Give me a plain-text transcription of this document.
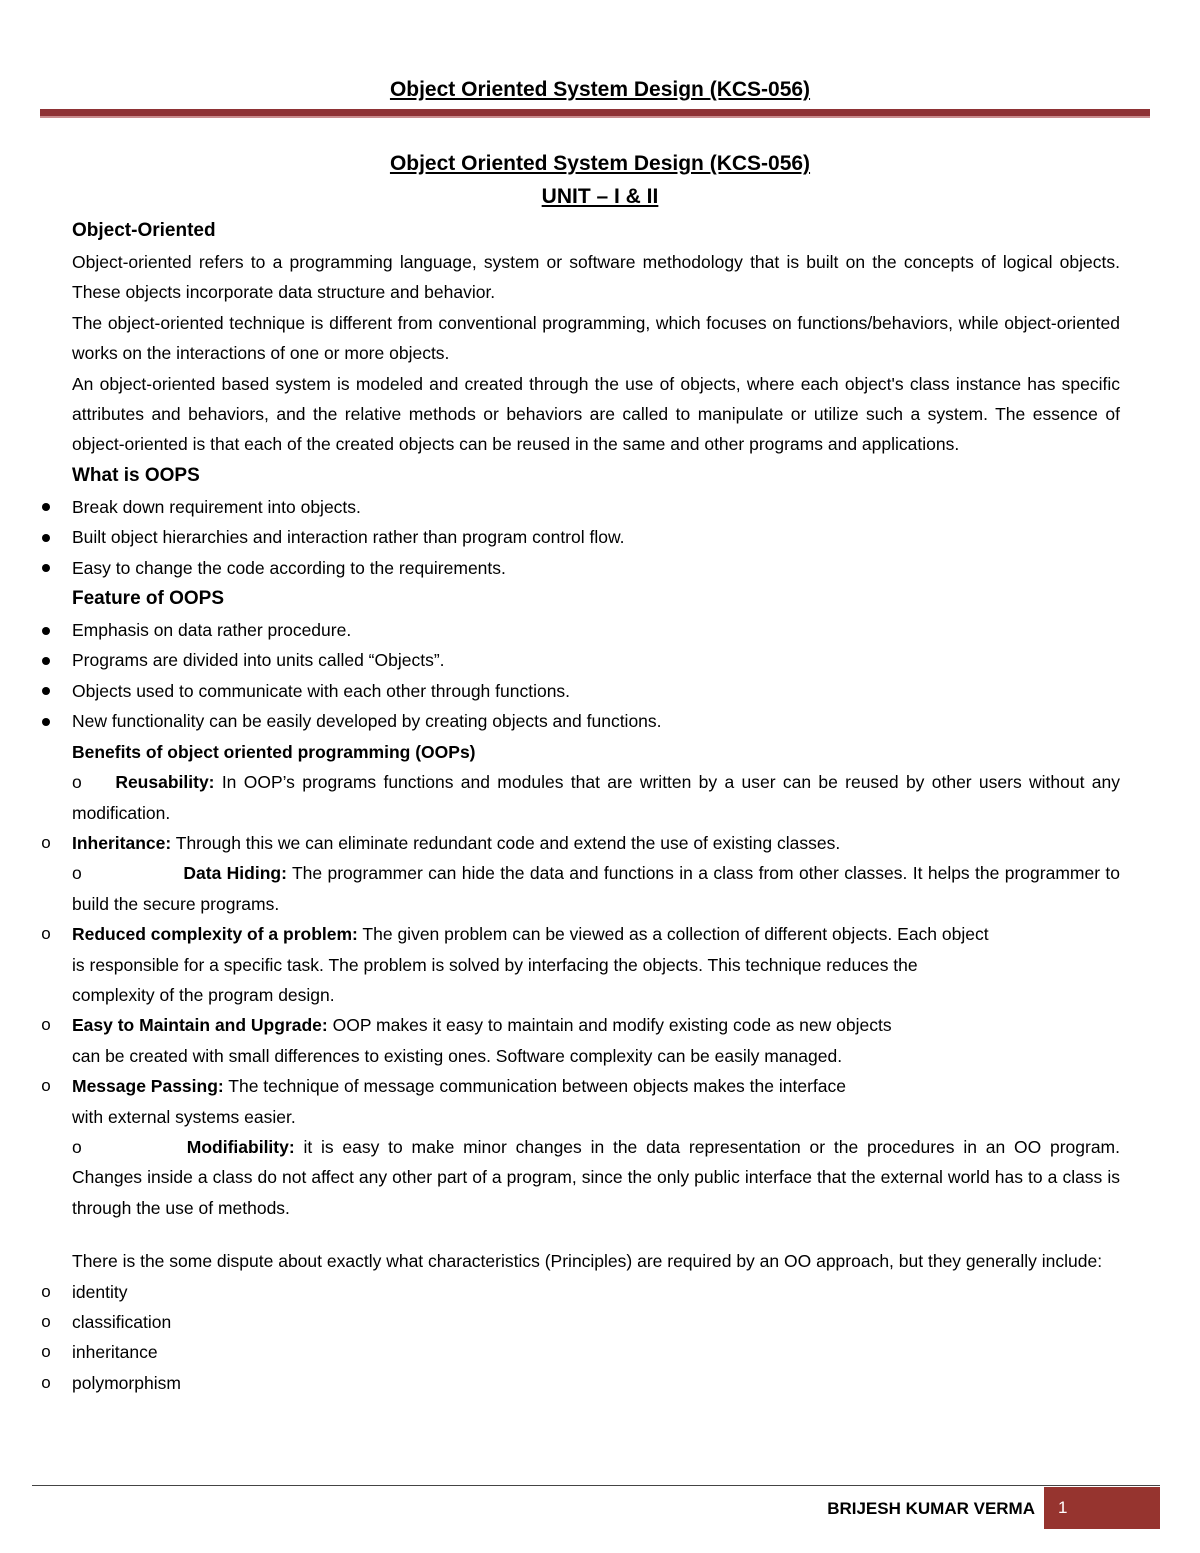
Object Oriented System Design (KCS-056)
Object Oriented System Design (KCS-056)
UNIT – I & II
Object-Oriented
Object-oriented refers to a programming language, system or software methodology that is built on the concepts of logical objects. These objects incorporate data structure and behavior.
The object-oriented technique is different from conventional programming, which focuses on functions/behaviors, while object-oriented works on the interactions of one or more objects.
An object-oriented based system is modeled and created through the use of objects, where each object's class instance has specific attributes and behaviors, and the relative methods or behaviors are called to manipulate or utilize such a system. The essence of object-oriented is that each of the created objects can be reused in the same and other programs and applications.
What is OOPS
Break down requirement into objects.
Built object hierarchies and interaction rather than program control flow.
Easy to change the code according to the requirements.
Feature of OOPS
Emphasis on data rather procedure.
Programs are divided into units called “Objects”.
Objects used to communicate with each other through functions.
New functionality can be easily developed by creating objects and functions.
Benefits of object oriented programming (OOPs)
o Reusability: In OOP’s programs functions and modules that are written by a user can be reused by other users without any modification.
o	Inheritance: Through this we can eliminate redundant code and extend the use of existing classes.
o	Data Hiding: The programmer can hide the data and functions in a class from other classes. It helps the programmer to build the secure programs.
o	Reduced complexity of a problem: The given problem can be viewed as a collection of different objects. Each object
is responsible for a specific task. The problem is solved by interfacing the objects. This technique reduces the
complexity of the program design.
o	Easy to Maintain and Upgrade: OOP makes it easy to maintain and modify existing code as new objects
can be created with small differences to existing ones. Software complexity can be easily managed.
o	Message Passing: The technique of message communication between objects makes the interface
with external systems easier.
o	Modifiability: it is easy to make minor changes in the data representation or the procedures in an OO program. Changes inside a class do not affect any other part of a program, since the only public interface that the external world has to a class is through the use of methods.
There is the some dispute about exactly what characteristics (Principles) are required by an OO approach, but they generally include:
o	identity
o	classification
o	inheritance
o	polymorphism
BRIJESH KUMAR VERMA	1
